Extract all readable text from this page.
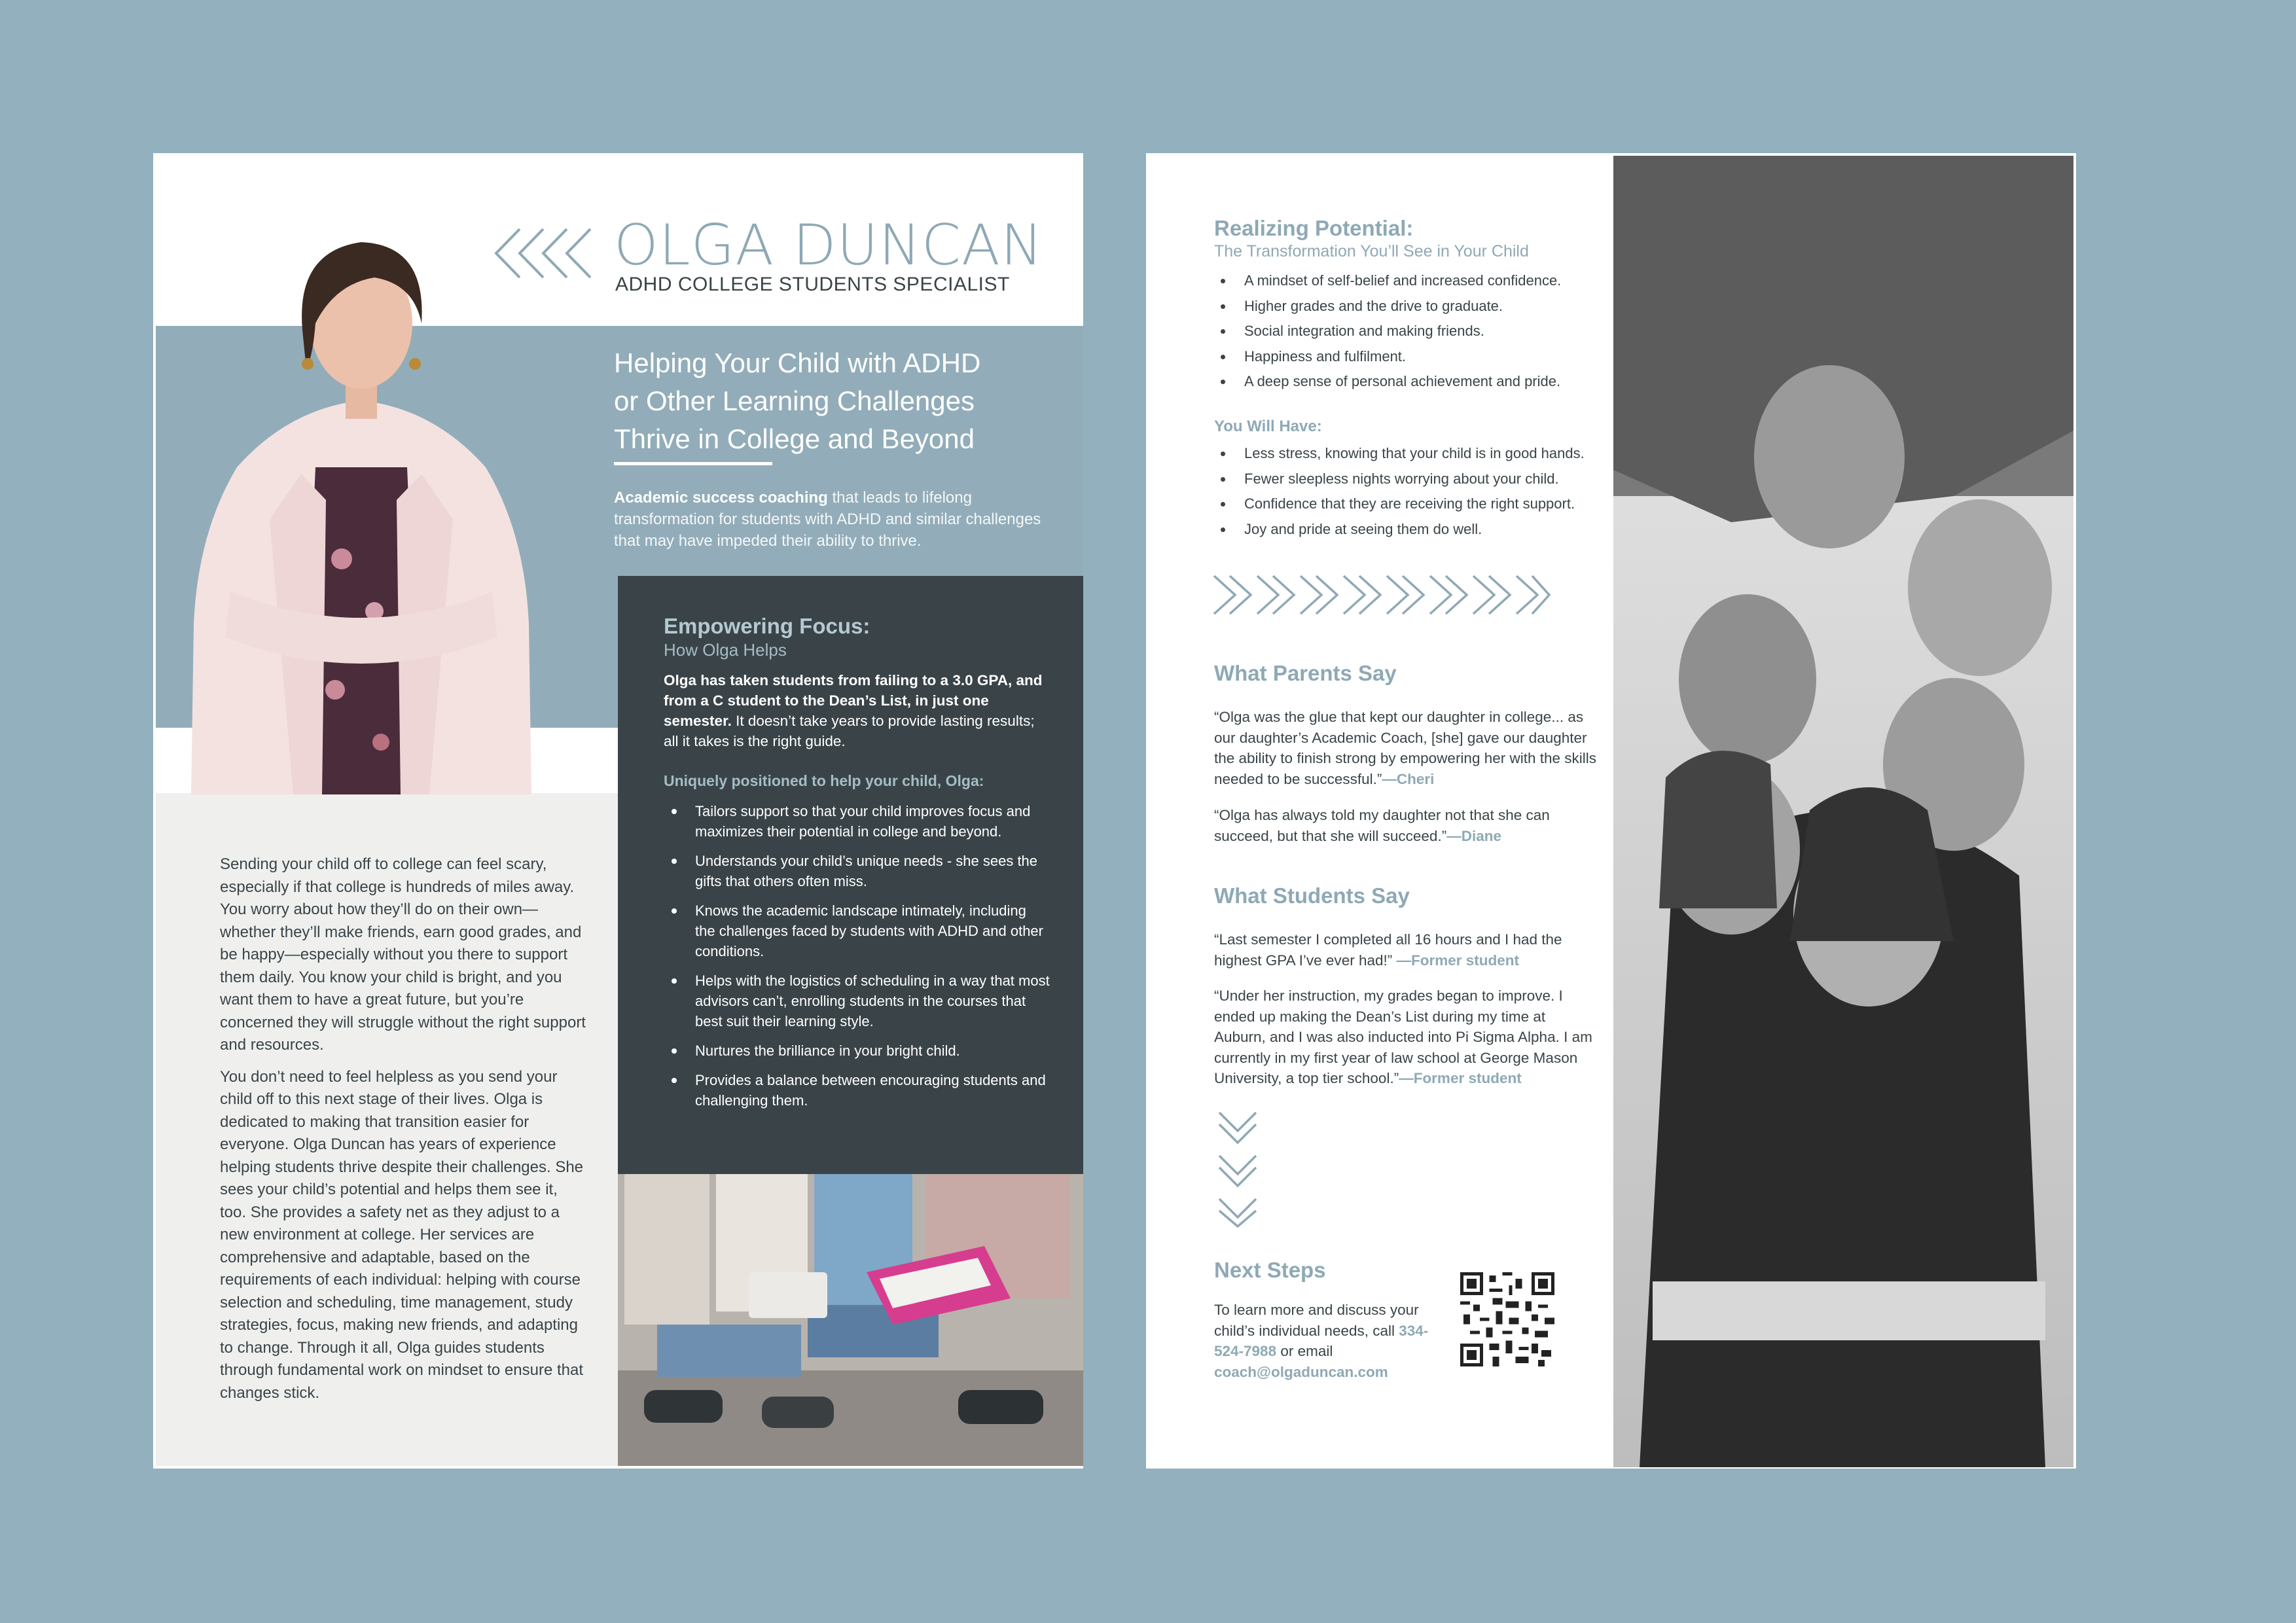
OLGA DUNCAN

ADHD COLLEGE STUDENTS SPECIALIST

Helping Your Child with ADHD
or Other Learning Challenges
Thrive in College and Beyond

Academic success coaching that leads to lifelong transformation for students with ADHD and similar challenges that may have impeded their ability to thrive.

Empowering Focus:

How Olga Helps

Olga has taken students from failing to a 3.0 GPA, and from a C student to the Dean’s List, in just one semester. It doesn’t take years to provide lasting results; all it takes is the right guide.

Uniquely positioned to help your child, Olga:

Tailors support so that your child improves focus and maximizes their potential in college and beyond.
Understands your child’s unique needs - she sees the gifts that others often miss.
Knows the academic landscape intimately, including the challenges faced by students with ADHD and other conditions.
Helps with the logistics of scheduling in a way that most advisors can’t, enrolling students in the courses that best suit their learning style.
Nurtures the brilliance in your bright child.
Provides a balance between encouraging students and challenging them.

Sending your child off to college can feel scary, especially if that college is hundreds of miles away. You worry about how they’ll do on their own—whether they’ll make friends, earn good grades, and be happy—especially without you there to support them daily. You know your child is bright, and you want them to have a great future, but you’re concerned they will struggle without the right support and resources.

You don’t need to feel helpless as you send your child off to this next stage of their lives. Olga is dedicated to making that transition easier for everyone. Olga Duncan has years of experience helping students thrive despite their challenges. She sees your child’s potential and helps them see it, too. She provides a safety net as they adjust to a new environment at college. Her services are comprehensive and adaptable, based on the requirements of each individual: helping with course selection and scheduling, time management, study strategies, focus, making new friends, and adapting to change. Through it all, Olga guides students through fundamental work on mindset to ensure that changes stick.

Realizing Potential:

The Transformation You’ll See in Your Child

A mindset of self-belief and increased confidence.
Higher grades and the drive to graduate.
Social integration and making friends.
Happiness and fulfilment.
A deep sense of personal achievement and pride.
You Will Have:
Less stress, knowing that your child is in good hands.
Fewer sleepless nights worrying about your child.
Confidence that they are receiving the right support.
Joy and pride at seeing them do well.
What Parents Say

“Olga was the glue that kept our daughter in college... as our daughter’s Academic Coach, [she] gave our daughter the ability to finish strong by empowering her with the skills needed to be successful.”—Cheri

“Olga has always told my daughter not that she can succeed, but that she will succeed.”—Diane

What Students Say

“Last semester I completed all 16 hours and I had the highest GPA I’ve ever had!” —Former student

“Under her instruction, my grades began to improve. I ended up making the Dean’s List during my time at Auburn, and I was also inducted into Pi Sigma Alpha. I am currently in my first year of law school at George Mason University, a top tier school.”—Former student

Next Steps

To learn more and discuss your child’s individual needs, call 334-524-7988 or email coach@olgaduncan.com
